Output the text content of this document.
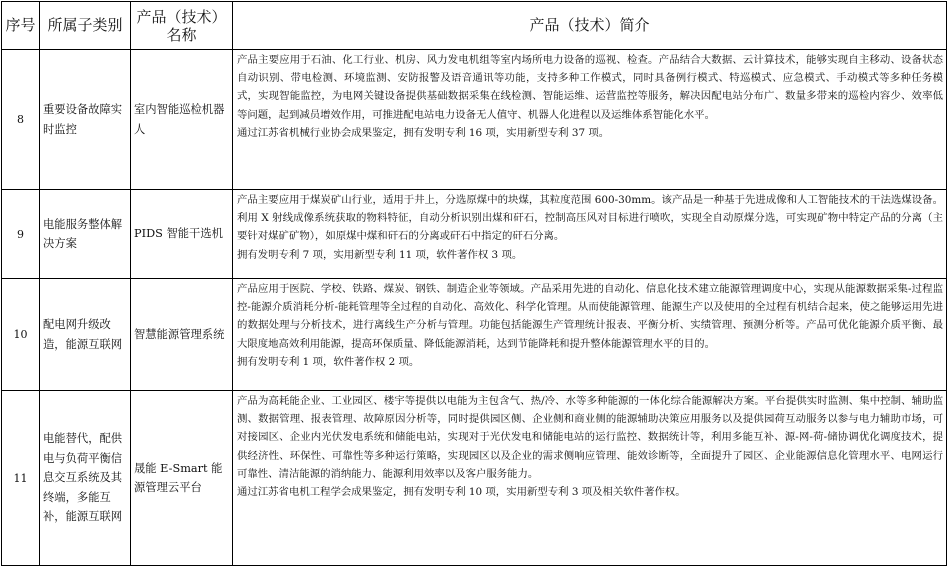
序号	所属子类别	产品（技术）名称	产品（技术）简介
8	重要设备故障实时监控	室内智能巡检机器人	产品主要应用于石油、化工行业、机房、风力发电机组等室内场所电力设备的巡视、检查。产品结合大数据、云计算技术，能够实现自主移动、设备状态自动识别、带电检测、环境监测、安防报警及语音通讯等功能，支持多种工作模式，同时具备例行模式、特巡模式、应急模式、手动模式等多种任务模式，实现智能监控，为电网关键设备提供基础数据采集在线检测、智能运维、运营监控等服务，解决因配电站分布广、数量多带来的巡检内容少、效率低等问题，起到减员增效作用，可推进配电站电力设备无人值守、机器人化进程以及运维体系智能化水平。

通过江苏省机械行业协会成果鉴定，拥有发明专利 16 项，实用新型专利 37 项。

9	电能服务整体解决方案	PIDS 智能干选机	产品主要应用于煤炭矿山行业，适用于井上，分选原煤中的块煤，其粒度范围 600-30mm。该产品是一种基于先进成像和人工智能技术的干法选煤设备。利用 X 射线成像系统获取的物料特征，自动分析识别出煤和矸石，控制高压风对目标进行喷吹，实现全自动原煤分选，可实现矿物中特定产品的分离（主要针对煤矿矿物），如原煤中煤和矸石的分离或矸石中指定的矸石分离。

拥有发明专利 7 项，实用新型专利 11 项，软件著作权 3 项。

10	配电网升级改造，能源互联网	智慧能源管理系统	产品应用于医院、学校、铁路、煤炭、钢铁、制造企业等领域。产品采用先进的自动化、信息化技术建立能源管理调度中心，实现从能源数据采集-过程监控-能源介质消耗分析-能耗管理等全过程的自动化、高效化、科学化管理。从而使能源管理、能源生产以及使用的全过程有机结合起来，使之能够运用先进的数据处理与分析技术，进行离线生产分析与管理。功能包括能源生产管理统计报表、平衡分析、实绩管理、预测分析等。产品可优化能源介质平衡、最大限度地高效利用能源，提高环保质量、降低能源消耗，达到节能降耗和提升整体能源管理水平的目的。

拥有发明专利 1 项，软件著作权 2 项。

11	电能替代，配供电与负荷平衡信息交互系统及其终端，多能互补，能源互联网	晟能 E-Smart 能源管理云平台	产品为高耗能企业、工业园区、楼宇等提供以电能为主包含气、热/冷、水等多种能源的一体化综合能源解决方案。平台提供实时监测、集中控制、辅助监测、数据管理、报表管理、故障原因分析等，同时提供园区侧、企业侧和商业侧的能源辅助决策应用服务以及提供园荷互动服务以参与电力辅助市场，可对接园区、企业内光伏发电系统和储能电站，实现对于光伏发电和储能电站的运行监控、数据统计等，利用多能互补、源-网-荷-储协调优化调度技术，提供经济性、环保性、可靠性等多种运行策略，实现园区以及企业的需求侧响应管理、能效诊断等，全面提升了园区、企业能源信息化管理水平、电网运行可靠性、清洁能源的消纳能力、能源利用效率以及客户服务能力。

通过江苏省电机工程学会成果鉴定，拥有发明专利 10 项，实用新型专利 3 项及相关软件著作权。
